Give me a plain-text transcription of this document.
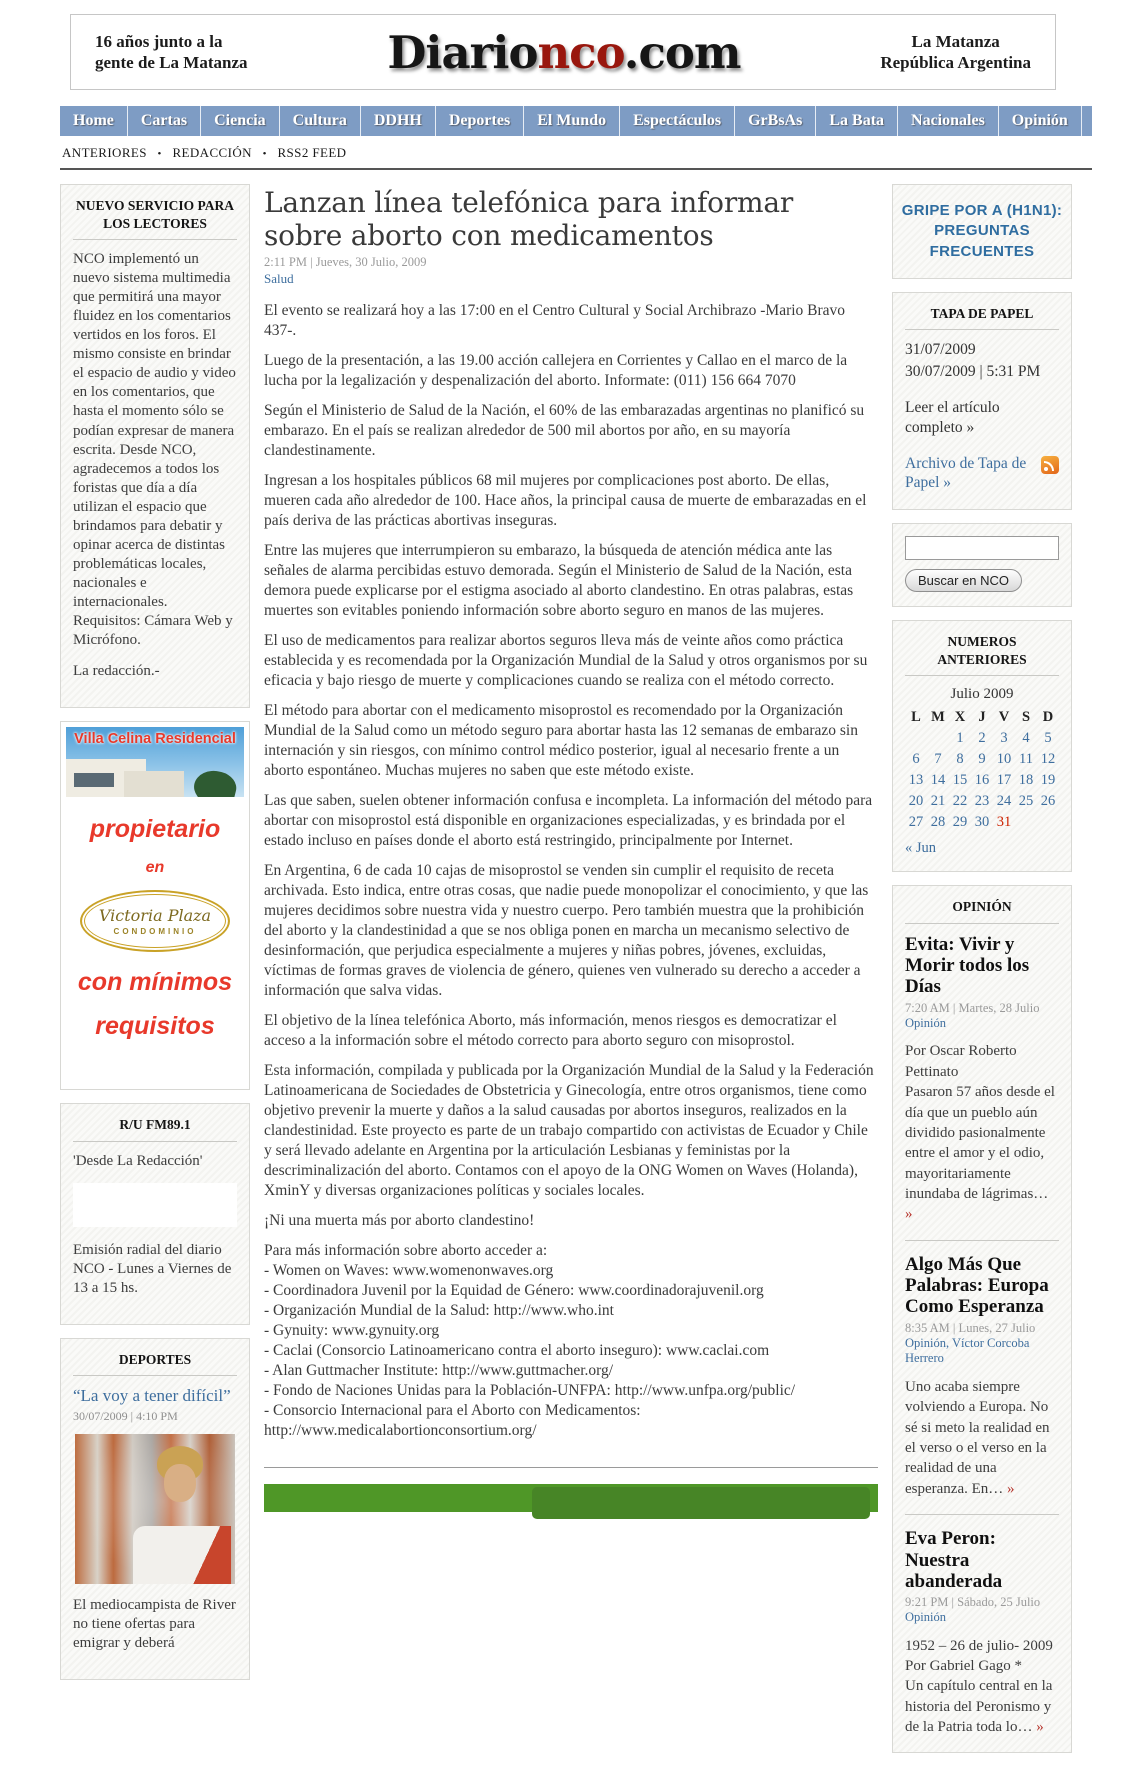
16 años junto a la
gente de La Matanza	Diarionco.com	La Matanza
República Argentina
Home	Cartas	Ciencia	Cultura	DDHH	Deportes	El Mundo	Espectáculos	GrBsAs	La Bata	Nacionales	Opinión
ANTERIORES • REDACCIÓN • RSS2 FEED
NUEVO SERVICIO PARA LOS LECTORES

NCO implementó un nuevo sistema multimedia que permitirá una mayor fluidez en los comentarios vertidos en los foros. El mismo consiste en brindar el espacio de audio y video en los comentarios, que hasta el momento sólo se podían expresar de manera escrita. Desde NCO, agradecemos a todos los foristas que día a día utilizan el espacio que brindamos para debatir y opinar acerca de distintas problemáticas locales, nacionales e internacionales. Requisitos: Cámara Web y Micrófono.

La redacción.-

Villa Celina Residencial
propietario
en
Victoria Plaza
CONDOMINIO
con mínimos
requisitos
R/U FM89.1

'Desde La Redacción'

Emisión radial del diario NCO - Lunes a Viernes de 13 a 15 hs.

DEPORTES
“La voy a tener difícil”
30/07/2009 | 4:10 PM

El mediocampista de River no tiene ofertas para emigrar y deberá

Lanzan línea telefónica para informar sobre aborto con medicamentos
2:11 PM | Jueves, 30 Julio, 2009
Salud

El evento se realizará hoy a las 17:00 en el Centro Cultural y Social Archibrazo -Mario Bravo 437-.

Luego de la presentación, a las 19.00 acción callejera en Corrientes y Callao en el marco de la lucha por la legalización y despenalización del aborto. Informate: (011) 156 664 7070

Según el Ministerio de Salud de la Nación, el 60% de las embarazadas argentinas no planificó su embarazo. En el país se realizan alrededor de 500 mil abortos por año, en su mayoría clandestinamente.

Ingresan a los hospitales públicos 68 mil mujeres por complicaciones post aborto. De ellas, mueren cada año alrededor de 100. Hace años, la principal causa de muerte de embarazadas en el país deriva de las prácticas abortivas inseguras.

Entre las mujeres que interrumpieron su embarazo, la búsqueda de atención médica ante las señales de alarma percibidas estuvo demorada. Según el Ministerio de Salud de la Nación, esta demora puede explicarse por el estigma asociado al aborto clandestino. En otras palabras, estas muertes son evitables poniendo información sobre aborto seguro en manos de las mujeres.

El uso de medicamentos para realizar abortos seguros lleva más de veinte años como práctica establecida y es recomendada por la Organización Mundial de la Salud y otros organismos por su eficacia y bajo riesgo de muerte y complicaciones cuando se realiza con el método correcto.

El método para abortar con el medicamento misoprostol es recomendado por la Organización Mundial de la Salud como un método seguro para abortar hasta las 12 semanas de embarazo sin internación y sin riesgos, con mínimo control médico posterior, igual al necesario frente a un aborto espontáneo. Muchas mujeres no saben que este método existe.

Las que saben, suelen obtener información confusa e incompleta. La información del método para abortar con misoprostol está disponible en organizaciones especializadas, y es brindada por el estado incluso en países donde el aborto está restringido, principalmente por Internet.

En Argentina, 6 de cada 10 cajas de misoprostol se venden sin cumplir el requisito de receta archivada. Esto indica, entre otras cosas, que nadie puede monopolizar el conocimiento, y que las mujeres decidimos sobre nuestra vida y nuestro cuerpo. Pero también muestra que la prohibición del aborto y la clandestinidad a que se nos obliga ponen en marcha un mecanismo selectivo de desinformación, que perjudica especialmente a mujeres y niñas pobres, jóvenes, excluidas, víctimas de formas graves de violencia de género, quienes ven vulnerado su derecho a acceder a información que salva vidas.

El objetivo de la línea telefónica Aborto, más información, menos riesgos es democratizar el acceso a la información sobre el método correcto para aborto seguro con misoprostol.

Esta información, compilada y publicada por la Organización Mundial de la Salud y la Federación Latinoamericana de Sociedades de Obstetricia y Ginecología, entre otros organismos, tiene como objetivo prevenir la muerte y daños a la salud causadas por abortos inseguros, realizados en la clandestinidad. Este proyecto es parte de un trabajo compartido con activistas de Ecuador y Chile y será llevado adelante en Argentina por la articulación Lesbianas y feministas por la descriminalización del aborto. Contamos con el apoyo de la ONG Women on Waves (Holanda), XminY y diversas organizaciones políticas y sociales locales.

¡Ni una muerta más por aborto clandestino!

Para más información sobre aborto acceder a:
- Women on Waves: www.womenonwaves.org
- Coordinadora Juvenil por la Equidad de Género: www.coordinadorajuvenil.org
- Organización Mundial de la Salud: http://www.who.int
- Gynuity: www.gynuity.org
- Caclai (Consorcio Latinoamericano contra el aborto inseguro): www.caclai.com
- Alan Guttmacher Institute: http://www.guttmacher.org/
- Fondo de Naciones Unidas para la Población-UNFPA: http://www.unfpa.org/public/
- Consorcio Internacional para el Aborto con Medicamentos:
http://www.medicalabortionconsortium.org/
GRIPE POR A (H1N1): PREGUNTAS FRECUENTES
TAPA DE PAPEL
31/07/2009
30/07/2009 | 5:31 PM
Leer el artículo completo »
Archivo de Tapa de Papel »
Buscar en NCO
NUMEROS ANTERIORES
Julio 2009
L	M	X	J	V	S	D
		1	2	3	4	5
6	7	8	9	10	11	12
13	14	15	16	17	18	19
20	21	22	23	24	25	26
27	28	29	30	31		
« Jun
OPINIÓN
Evita: Vivir y Morir todos los Días
7:20 AM | Martes, 28 Julio
Opinión
Por Oscar Roberto Pettinato
Pasaron 57 años desde el día que un pueblo aún dividido pasionalmente entre el amor y el odio, mayoritariamente inundaba de lágrimas… »
Algo Más Que Palabras: Europa Como Esperanza
8:35 AM | Lunes, 27 Julio
Opinión, Víctor Corcoba Herrero
Uno acaba siempre volviendo a Europa. No sé si meto la realidad en el verso o el verso en la realidad de una esperanza. En… »
Eva Peron: Nuestra abanderada
9:21 PM | Sábado, 25 Julio
Opinión
1952 – 26 de julio- 2009
Por Gabriel Gago *
Un capítulo central en la historia del Peronismo y de la Patria toda lo… »
